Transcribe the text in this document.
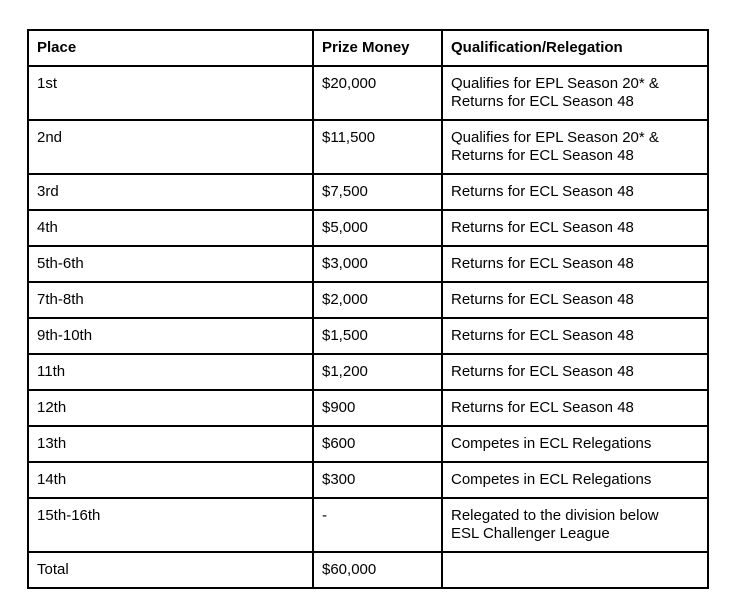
Place	Prize Money	Qualification/Relegation
1st	$20,000	Qualifies for EPL Season 20* &
Returns for ECL Season 48

2nd	$11,500	Qualifies for EPL Season 20* &
Returns for ECL Season 48

3rd	$7,500	Returns for ECL Season 48

4th	$5,000	Returns for ECL Season 48

5th-6th	$3,000	Returns for ECL Season 48

7th-8th	$2,000	Returns for ECL Season 48

9th-10th	$1,500	Returns for ECL Season 48

11th	$1,200	Returns for ECL Season 48

12th	$900	Returns for ECL Season 48

13th	$600	Competes in ECL Relegations

14th	$300	Competes in ECL Relegations

15th-16th	-	Relegated to the division below
ESL Challenger League

Total	$60,000	
